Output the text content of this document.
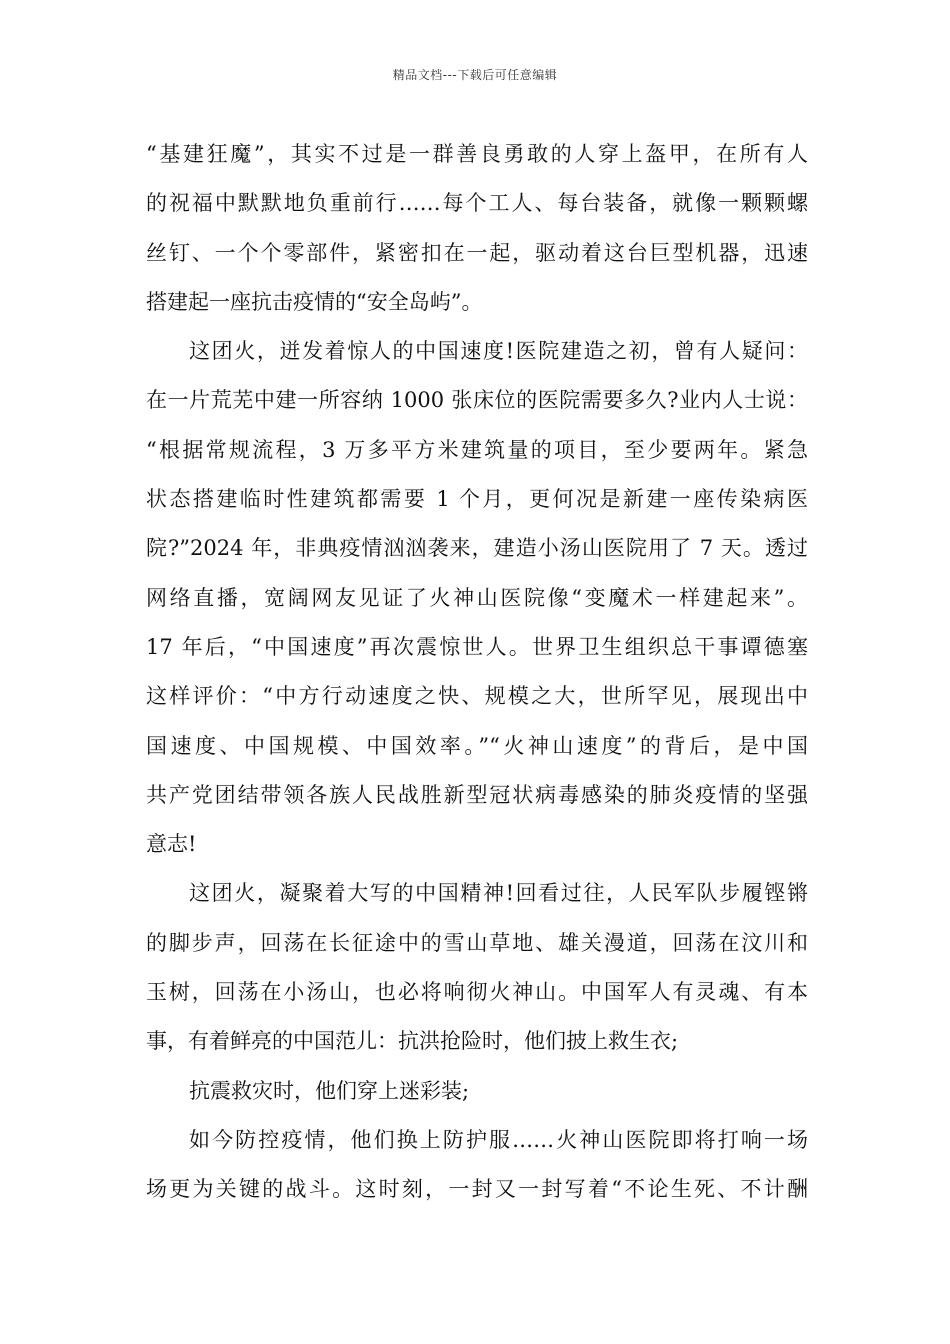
精品文档---下载后可任意编辑
“基建狂魔”，其实不过是一群善良勇敢的人穿上盔甲，在所有人
的祝福中默默地负重前行……每个工人、每台装备，就像一颗颗螺
丝钉、一个个零部件，紧密扣在一起，驱动着这台巨型机器，迅速
搭建起一座抗击疫情的“安全岛屿”。
这团火，迸发着惊人的中国速度!医院建造之初，曾有人疑问：
在一片荒芜中建一所容纳 1000 张床位的医院需要多久?业内人士说：
“根据常规流程，3 万多平方米建筑量的项目，至少要两年。紧急
状态搭建临时性建筑都需要 1 个月，更何况是新建一座传染病医
院?”2024 年，非典疫情汹汹袭来，建造小汤山医院用了 7 天。透过
网络直播，宽阔网友见证了火神山医院像“变魔术一样建起来”。
17 年后，“中国速度”再次震惊世人。世界卫生组织总干事谭德塞
这样评价：“中方行动速度之快、规模之大，世所罕见，展现出中
国速度、中国规模、中国效率。”“火神山速度”的背后，是中国
共产党团结带领各族人民战胜新型冠状病毒感染的肺炎疫情的坚强
意志!
这团火，凝聚着大写的中国精神!回看过往，人民军队步履铿锵
的脚步声，回荡在长征途中的雪山草地、雄关漫道，回荡在汶川和
玉树，回荡在小汤山，也必将响彻火神山。中国军人有灵魂、有本
事，有着鲜亮的中国范儿：抗洪抢险时，他们披上救生衣;
抗震救灾时，他们穿上迷彩装;
如今防控疫情，他们换上防护服……火神山医院即将打响一场
场更为关键的战斗。这时刻，一封又一封写着“不论生死、不计酬
